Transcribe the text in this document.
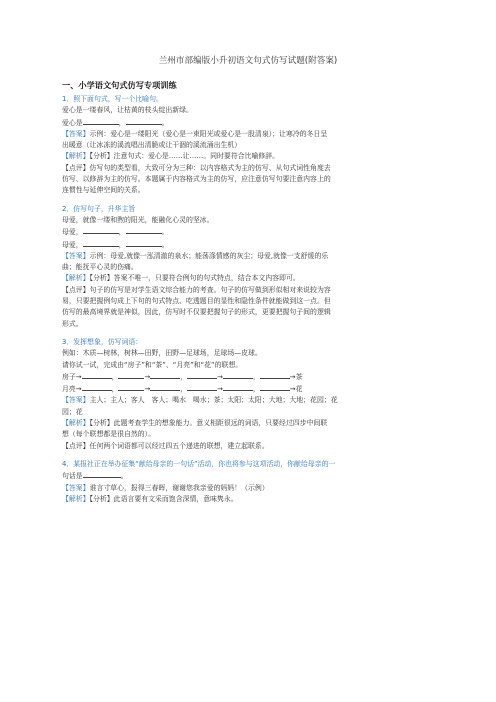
兰州市部编版小升初语文句式仿写试题(附答案)
一、小学语文句式仿写专项训练
1．照下面句式，写一个比喻句。
爱心是一缕春风，让枯黄的枝头绽出新绿。
爱心是	，	。
【答案】示例：爱心是一缕阳光（爱心是一束阳光或爱心是一股清泉）；让寒冷的冬日呈
出暖意（让冰冻的溪流唱出清脆或让干涸的溪流涌出生机）
【解析】【分析】注意句式：爱心是……让……。同时要符合比喻修辞。
【点评】仿写句的类型看，大致可分为三种：以内容格式为主的仿写、从句式词性角度去
仿写、以修辞为主的仿写。本题属于内容格式为主的仿写，应注意仿写句要注意内容上的
连惯性与延伸空间的关系。
2．仿写句子，升华主旨
母爱，就像一缕和煦的阳光，能融化心灵的坚冰。
母爱，	，	。
母爱，	，	。
【答案】示例：母爱,就像一泓清澈的泉水；能荡涤情感的灰尘；母爱,就像一支舒缓的乐
曲；能抚平心灵的伤痛。
【解析】【分析】答案不唯一，只要符合例句的句式特点，结合本文内容即可。
【点评】句子的仿写是对学生语文综合能力的考查。句子的仿写做到形似相对来说较为容
易，只要把握例句成上下句的句式特点、吃透题目的显性和隐性条件就能做到这一点。但
仿写的最高境界就是神似，因此，仿写时不仅要把握句子的形式，更要把握句子间的逻辑
形式。
3．发挥想象，仿写词语：
例如：木质—树林，树林—田野，田野—足球场，足球场—皮球。
请你试一试，完成由“房子”和“茶”、“月亮”和“花”的联想。
房子→	，	→	，	→	，	→茶
月亮→	，	→	，	→	，	→花
【答案】主人；主人；客人　客人；喝水　喝水；茶；太阳；太阳；大地；大地；花园；花
园；花
【解析】【分析】此题考查学生的想象能力。意义相距很远的词语，只要经过四步中间联
想（每个联想都是很自然的）。
【点评】任何两个词语都可以经过四五个递进的联想，建立起联系。
4．某报社正在举办征集“献给母亲的一句话”活动，你也将参与这项活动，你献给母亲的一
句话是	。
【答案】谁言寸草心，报得三春晖，谢谢您我亲爱的妈妈！（示例）
【解析】【分析】此语言要有文采而饱含深情，意味隽永。
